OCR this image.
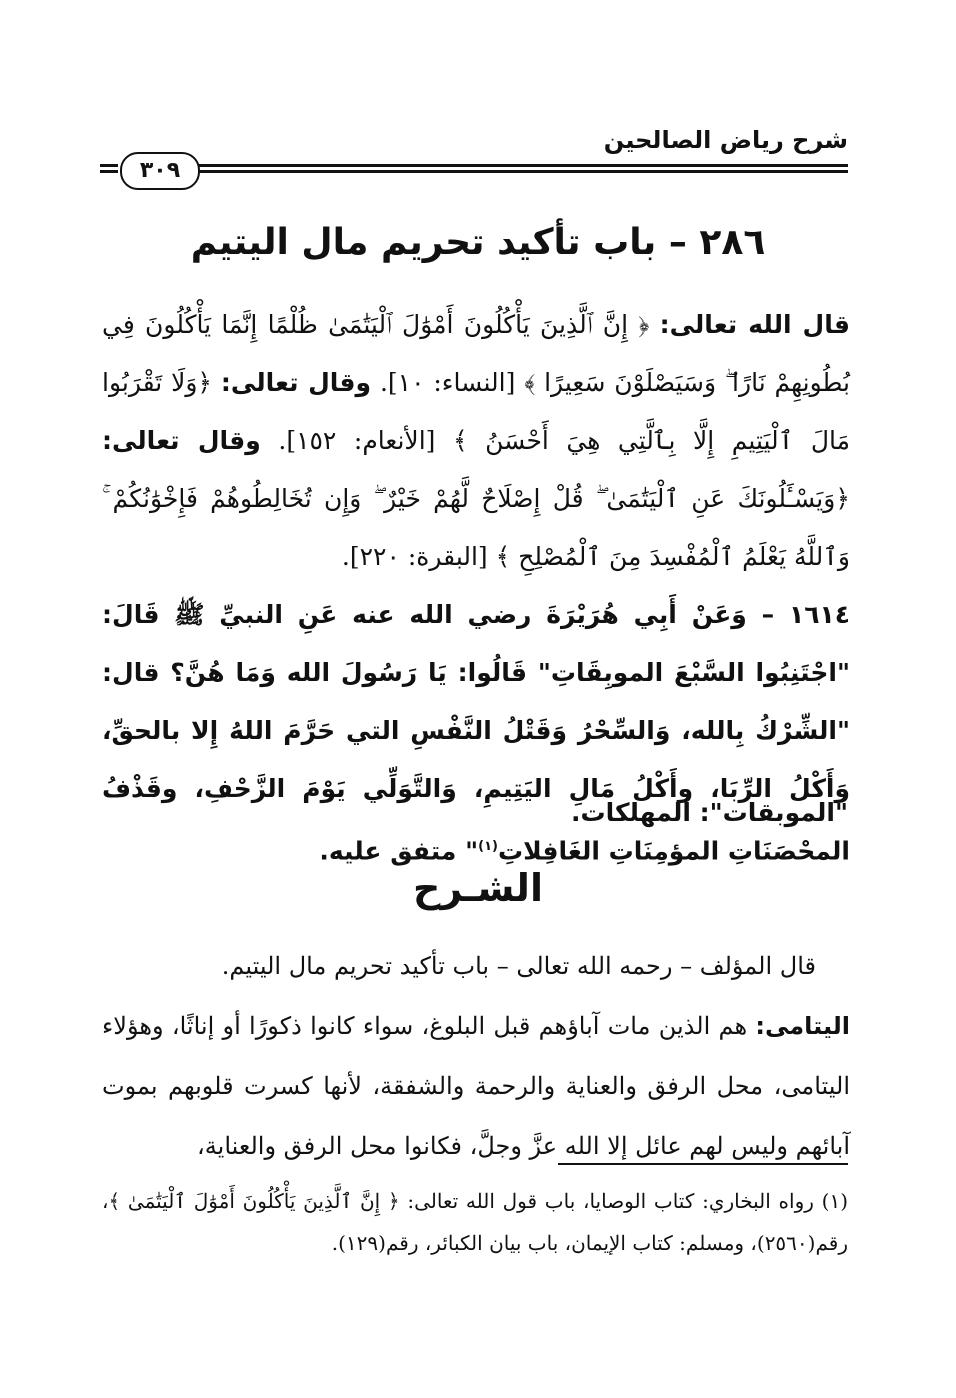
شرح رياض الصالحين
٣٠٩
٢٨٦ – باب تأكيد تحريم مال اليتيم

قال الله تعالى: ﴿ إِنَّ ٱلَّذِينَ يَأْكُلُونَ أَمْوَٰلَ ٱلْيَتَٰمَىٰ ظُلْمًا إِنَّمَا يَأْكُلُونَ فِي بُطُونِهِمْ نَارًا ۖ وَسَيَصْلَوْنَ سَعِيرًا ﴾ [النساء: ١٠]. وقال تعالى: ﴿وَلَا تَقْرَبُوا مَالَ ٱلْيَتِيمِ إِلَّا بِٱلَّتِي هِيَ أَحْسَنُ ﴾ [الأنعام: ١٥٢]. وقال تعالى: ﴿وَيَسْـَٔلُونَكَ عَنِ ٱلْيَتَٰمَىٰ ۖ قُلْ إِصْلَاحٌ لَّهُمْ خَيْرٌ ۖ وَإِن تُخَالِطُوهُمْ فَإِخْوَٰنُكُمْ ۚ وَٱللَّهُ يَعْلَمُ ٱلْمُفْسِدَ مِنَ ٱلْمُصْلِحِ ﴾ [البقرة: ٢٢٠].

١٦١٤ – وَعَنْ أَبِي هُرَيْرَةَ رضي الله عنه عَنِ النبيِّ ﷺ قَالَ: "اجْتَنِبُوا السَّبْعَ الموبِقَاتِ" قَالُوا: يَا رَسُولَ الله وَمَا هُنَّ؟ قال: "الشِّرْكُ بِالله، وَالسِّحْرُ وَقَتْلُ النَّفْسِ التي حَرَّمَ اللهُ إِلا بالحقِّ، وَأَكْلُ الرِّبَا، وأَكْلُ مَالِ اليَتِيمِ، وَالتَّوَلِّي يَوْمَ الزَّحْفِ، وقَذْفُ المحْصَنَاتِ المؤمِنَاتِ الغَافِلاتِ$^{(١)}$" متفق عليه.

"الموبقات": المهلكات.
الشـرح

قال المؤلف – رحمه الله تعالى – باب تأكيد تحريم مال اليتيم.

اليتامى: هم الذين مات آباؤهم قبل البلوغ، سواء كانوا ذكورًا أو إناثًا، وهؤلاء اليتامى، محل الرفق والعناية والرحمة والشفقة، لأنها كسرت قلوبهم بموت آبائهم وليس لهم عائل إلا الله عزَّ وجلَّ، فكانوا محل الرفق والعناية،

(١) رواه البخاري: كتاب الوصايا، باب قول الله تعالى: ﴿ إِنَّ ٱلَّذِينَ يَأْكُلُونَ أَمْوَٰلَ ٱلْيَتَٰمَىٰ ﴾، رقم(٢٥٦٠)، ومسلم: كتاب الإيمان، باب بيان الكبائر، رقم(١٢٩).
